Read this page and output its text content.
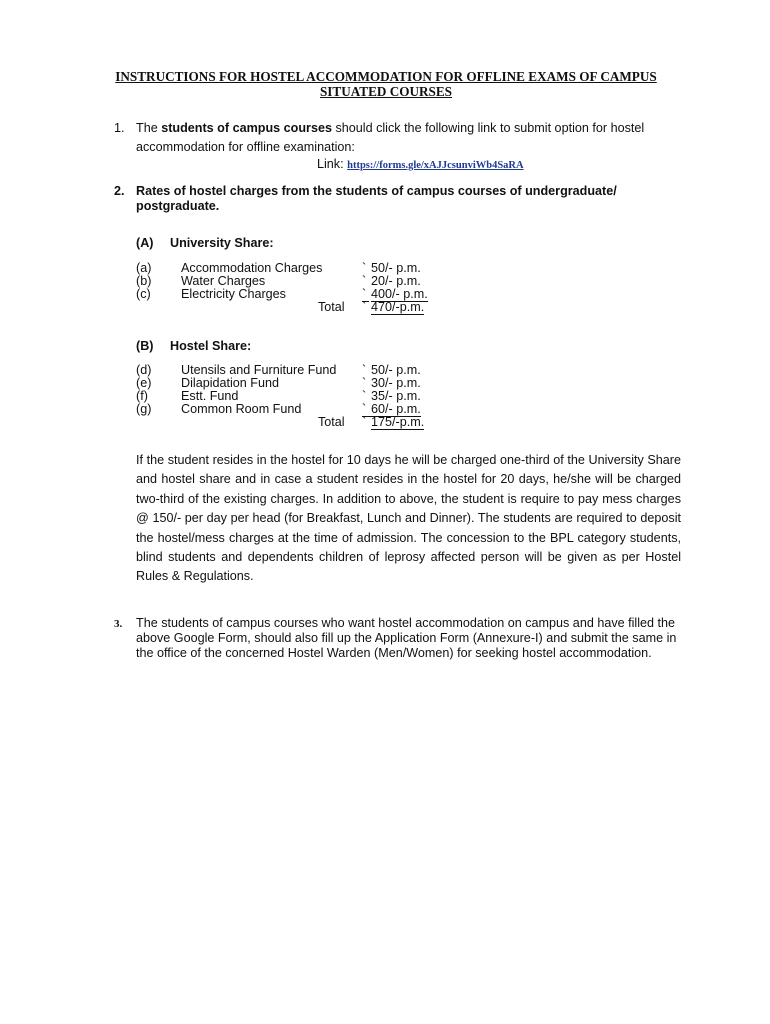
INSTRUCTIONS FOR HOSTEL ACCOMMODATION FOR OFFLINE EXAMS OF CAMPUS SITUATED COURSES
1. The students of campus courses should click the following link to submit option for hostel accommodation for offline examination:
Link: https://forms.gle/xAJJcsunviWb4SaRA
2. Rates of hostel charges from the students of campus courses of undergraduate/ postgraduate.
(A) University Share:
(a) Accommodation Charges	` 50/- p.m.
(b) Water Charges	` 20/- p.m.
(c) Electricity Charges	` 400/- p.m.
Total ` 470/-p.m.
(B) Hostel Share:
(d) Utensils and Furniture Fund ` 50/- p.m.
(e) Dilapidation Fund	` 30/- p.m.
(f)	Estt. Fund	` 35/- p.m.
(g) Common Room Fund	` 60/- p.m.
Total ` 175/-p.m.
If the student resides in the hostel for 10 days he will be charged one-third of the University Share and hostel share and in case a student resides in the hostel for 20 days, he/she will be charged two-third of the existing charges. In addition to above, the student is require to pay mess charges @ 150/- per day per head (for Breakfast, Lunch and Dinner). The students are required to deposit the hostel/mess charges at the time of admission. The concession to the BPL category students, blind students and dependents children of leprosy affected person will be given as per Hostel Rules & Regulations.
3. The students of campus courses who want hostel accommodation on campus and have filled the above Google Form, should also fill up the Application Form (Annexure-I) and submit the same in the office of the concerned Hostel Warden (Men/Women) for seeking hostel accommodation.
